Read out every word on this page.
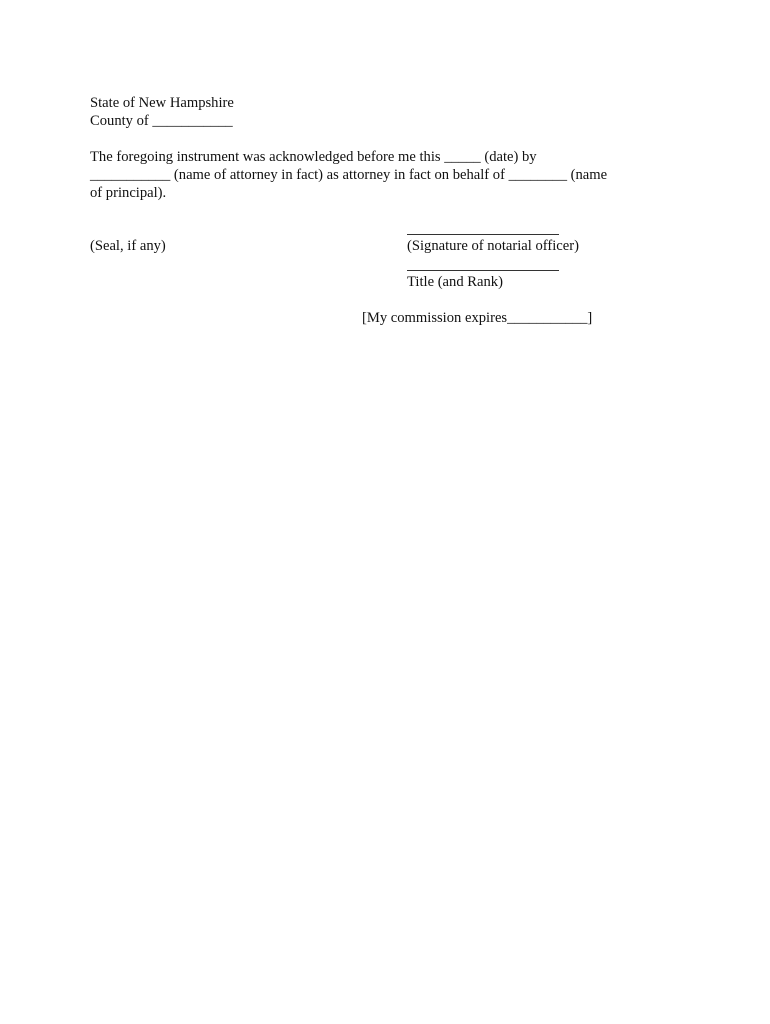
State of New Hampshire
County of ___________
The foregoing instrument was acknowledged before me this _____ (date) by
___________ (name of attorney in fact) as attorney in fact on behalf of ________ (name
of principal).
(Seal, if any)	(Signature of notarial officer)
Title (and Rank)
[My commission expires___________]
